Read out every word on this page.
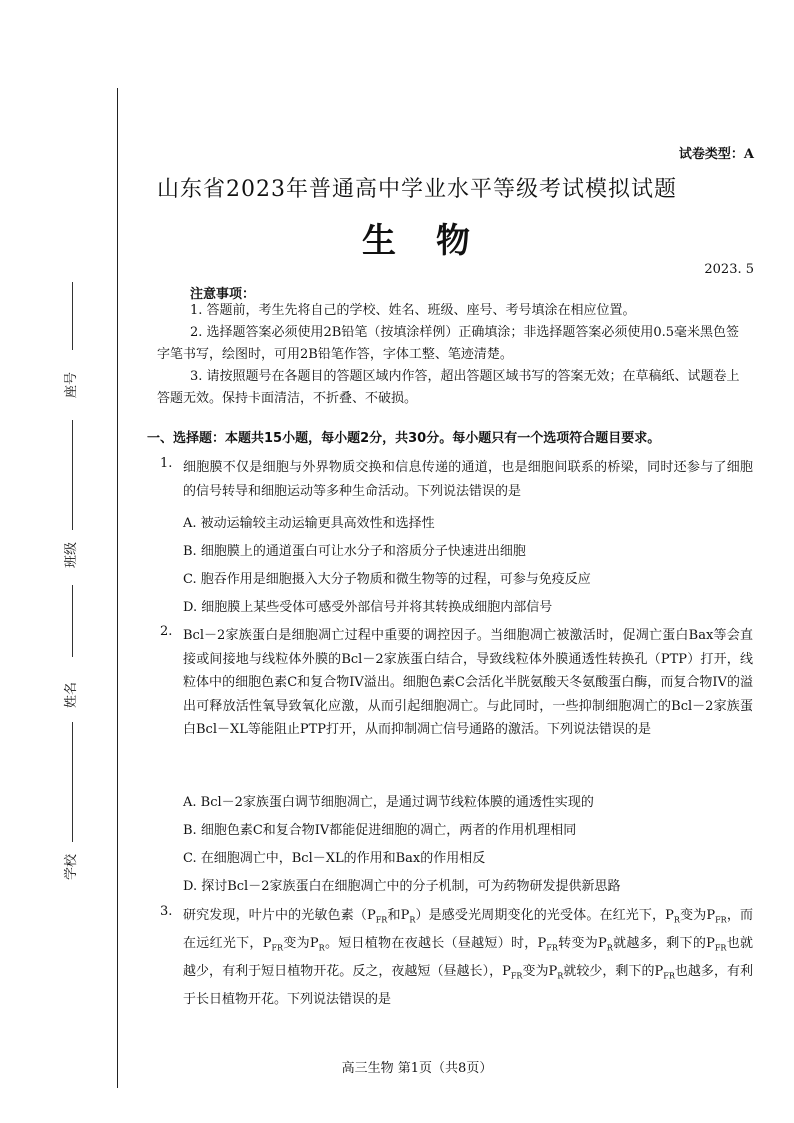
座号
班级
姓名
学校
试卷类型：A
山东省2023年普通高中学业水平等级考试模拟试题
生物
2023. 5
注意事项：
1. 答题前，考生先将自己的学校、姓名、班级、座号、考号填涂在相应位置。
2. 选择题答案必须使用2B铅笔（按填涂样例）正确填涂；非选择题答案必须使用0.5毫米黑色签字笔书写，绘图时，可用2B铅笔作答，字体工整、笔迹清楚。
3. 请按照题号在各题目的答题区域内作答，超出答题区域书写的答案无效；在草稿纸、试题卷上答题无效。保持卡面清洁，不折叠、不破损。
一、选择题：本题共15小题，每小题2分，共30分。每小题只有一个选项符合题目要求。
1. 细胞膜不仅是细胞与外界物质交换和信息传递的通道，也是细胞间联系的桥梁，同时还参与了细胞的信号转导和细胞运动等多种生命活动。下列说法错误的是
A. 被动运输较主动运输更具高效性和选择性
B. 细胞膜上的通道蛋白可让水分子和溶质分子快速进出细胞
C. 胞吞作用是细胞摄入大分子物质和微生物等的过程，可参与免疫反应
D. 细胞膜上某些受体可感受外部信号并将其转换成细胞内部信号
2. Bcl－2家族蛋白是细胞凋亡过程中重要的调控因子。当细胞凋亡被激活时，促凋亡蛋白Bax等会直接或间接地与线粒体外膜的Bcl－2家族蛋白结合，导致线粒体外膜通透性转换孔（PTP）打开，线粒体中的细胞色素C和复合物IV溢出。细胞色素C会活化半胱氨酸天冬氨酸蛋白酶，而复合物IV的溢出可释放活性氧导致氧化应激，从而引起细胞凋亡。与此同时，一些抑制细胞凋亡的Bcl－2家族蛋白Bcl－XL等能阻止PTP打开，从而抑制凋亡信号通路的激活。下列说法错误的是
A. Bcl－2家族蛋白调节细胞凋亡，是通过调节线粒体膜的通透性实现的
B. 细胞色素C和复合物IV都能促进细胞的凋亡，两者的作用机理相同
C. 在细胞凋亡中，Bcl－XL的作用和Bax的作用相反
D. 探讨Bcl－2家族蛋白在细胞凋亡中的分子机制，可为药物研发提供新思路
3. 研究发现，叶片中的光敏色素（$P_{FR}$和$P_R$）是感受光周期变化的光受体。在红光下，$P_R$变为$P_{FR}$，而在远红光下，$P_{FR}$变为$P_R$。短日植物在夜越长（昼越短）时，$P_{FR}$转变为$P_R$就越多，剩下的$P_{FR}$也就越少，有利于短日植物开花。反之，夜越短（昼越长），$P_{FR}$变为$P_R$就较少，剩下的$P_{FR}$也越多，有利于长日植物开花。下列说法错误的是
高三生物 第1页（共8页）
